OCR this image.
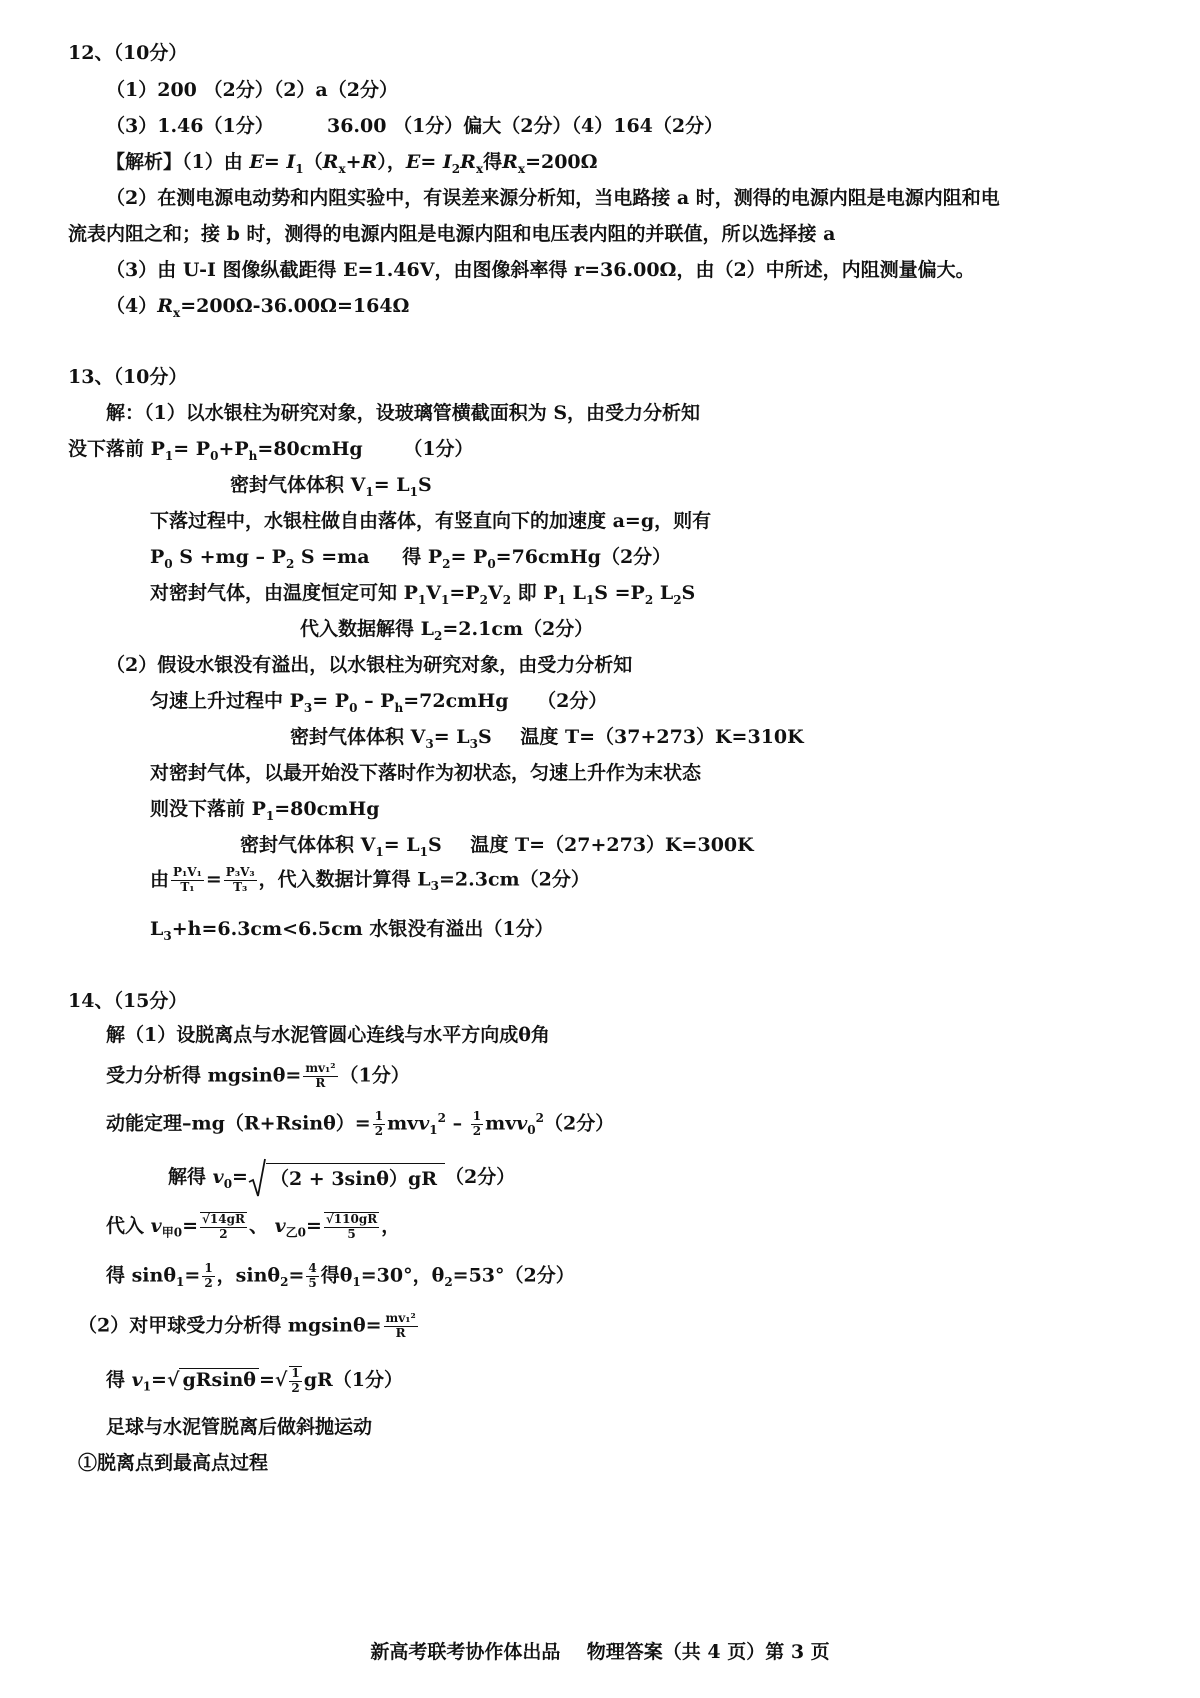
12、（10分）
（1）200 （2分）（2）a（2分）
（3）1.46（1分）	36.00 （1分）偏大（2分）（4）164（2分）
【解析】（1）由 $E= I_1(R_x+R)$，$E= I_2R_x$得$R_x=200\Omega$
（2）在测电源电动势和内阻实验中，有误差来源分析知，当电路接 a 时，测得的电源内阻是电源内阻和电
流表内阻之和；接 b 时，测得的电源内阻是电源内阻和电压表内阻的并联值，所以选择接 a
（3）由 U-I 图像纵截距得 E=1.46V，由图像斜率得 r=36.00Ω，由（2）中所述，内阻测量偏大。
$(4)R_x=200\Omega-36.00\Omega=164\Omega$
13、（10分）
解：（1）以水银柱为研究对象，设玻璃管横截面积为 S，由受力分析知
没下落前 $P_1=$ $P_0+P_h=80cmHg$ （1分）
密封气体体积 $V_1= L_1S$
下落过程中，水银柱做自由落体，有竖直向下的加速度 a=g，则有
$P_0$ $S +mg - P_2$ S =ma 得 $P_2=$ $P_0=76cmHg(2$分）
对密封气体，由温度恒定可知 $P_1V_1=P_2V_2$ 即 $P_1$ $L_1S =P_2$ $L_2S$
代入数据解得 $L_2=2.1cm(2$分）
（2）假设水银没有溢出，以水银柱为研究对象，由受力分析知
匀速上升过程中 $P_3= P_0$ – $P_h=72cmHg$ （2分）
密封气体体积 $V_3= L_3S$ 温度 T=（37+273）K=310K
对密封气体，以最开始没下落时作为初状态，匀速上升作为末状态
则没下落前 $P_1=80cmHg$
密封气体体积 $V_1= L_1S$ 温度 T=（27+273）K=300K
由 $\frac{\text{P₁V₁}}{\text{T₁}} = \frac{\text{P₃V₃}}{\text{T₃}}$ ，代入数据计算得 $L_3=2.3cm(2$分）
$L_3+h=6.3cm<6.5cm$ 水银没有溢出（1分）
14、（15分）
解（1）设脱离点与水泥管圆心连线与水平方向成θ角
受力分析得 $mgsin\theta= \frac{\text{mv₁²}}{R} (1$分）
动能定理$-mg(R+Rsin\theta)= \frac{1}{2} mvv_1^2 - \frac{1}{2} mvv_0^2(2$分）
解得 $v_0= (2 + 3\sin\theta)gR$ （2分）
代入 $v_{甲0}= \frac{√14gR}{2}$ 、 $v_{乙0}= \frac{√110gR}{5}$ ，
得 $\sin\theta_1= \frac{1}{2}$ ，$\sin\theta_2= \frac{4}{5}$ 得$\theta_1=30^\circ$，$\theta_2=53^\circ(2$分）
（2）对甲球受力分析得 $mgsin\theta= \frac{\text{mv₁²}}{R}$
得 $v_1=√$ gRsinθ =√ $\frac{1}{2} gR(1$分）
足球与水泥管脱离后做斜抛运动
①脱离点到最高点过程
新高考联考协作体出品    物理答案（共 4 页）第 3 页
